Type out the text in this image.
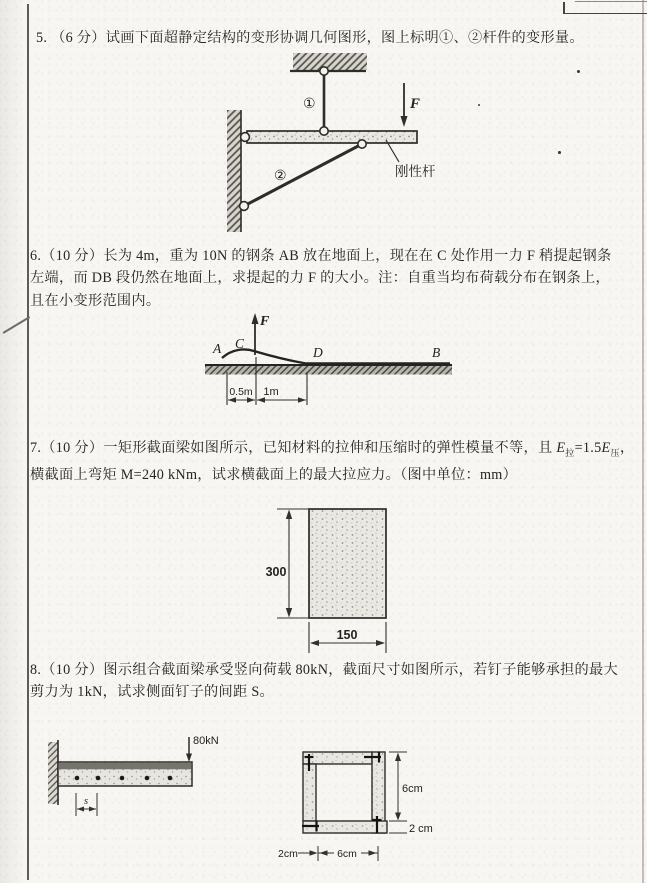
5. （6 分）试画下面超静定结构的变形协调几何图形，图上标明①、②杆件的变形量。
①	F
②	刚性杆
6.（10 分）长为 4m，重为 10N 的钢条 AB 放在地面上，现在在 C 处作用一力 F 稍提起钢条
左端，而 DB 段仍然在地面上，求提起的力 F 的大小。注：自重当均布荷载分布在钢条上，
且在小变形范围内。
F
A C
D	B
0.5m 1m
7.（10 分）一矩形截面梁如图所示，已知材料的拉伸和压缩时的弹性模量不等，且 $E_拉=1.5E_压$，
横截面上弯矩 M=240 kNm，试求横截面上的最大拉应力。（图中单位：mm）
300
150
8.（10 分）图示组合截面梁承受竖向荷载 80kN，截面尺寸如图所示，若钉子能够承担的最大
剪力为 1kN，试求侧面钉子的间距 S。
80kN
s
6cm
2 cm
2cm	6cm
